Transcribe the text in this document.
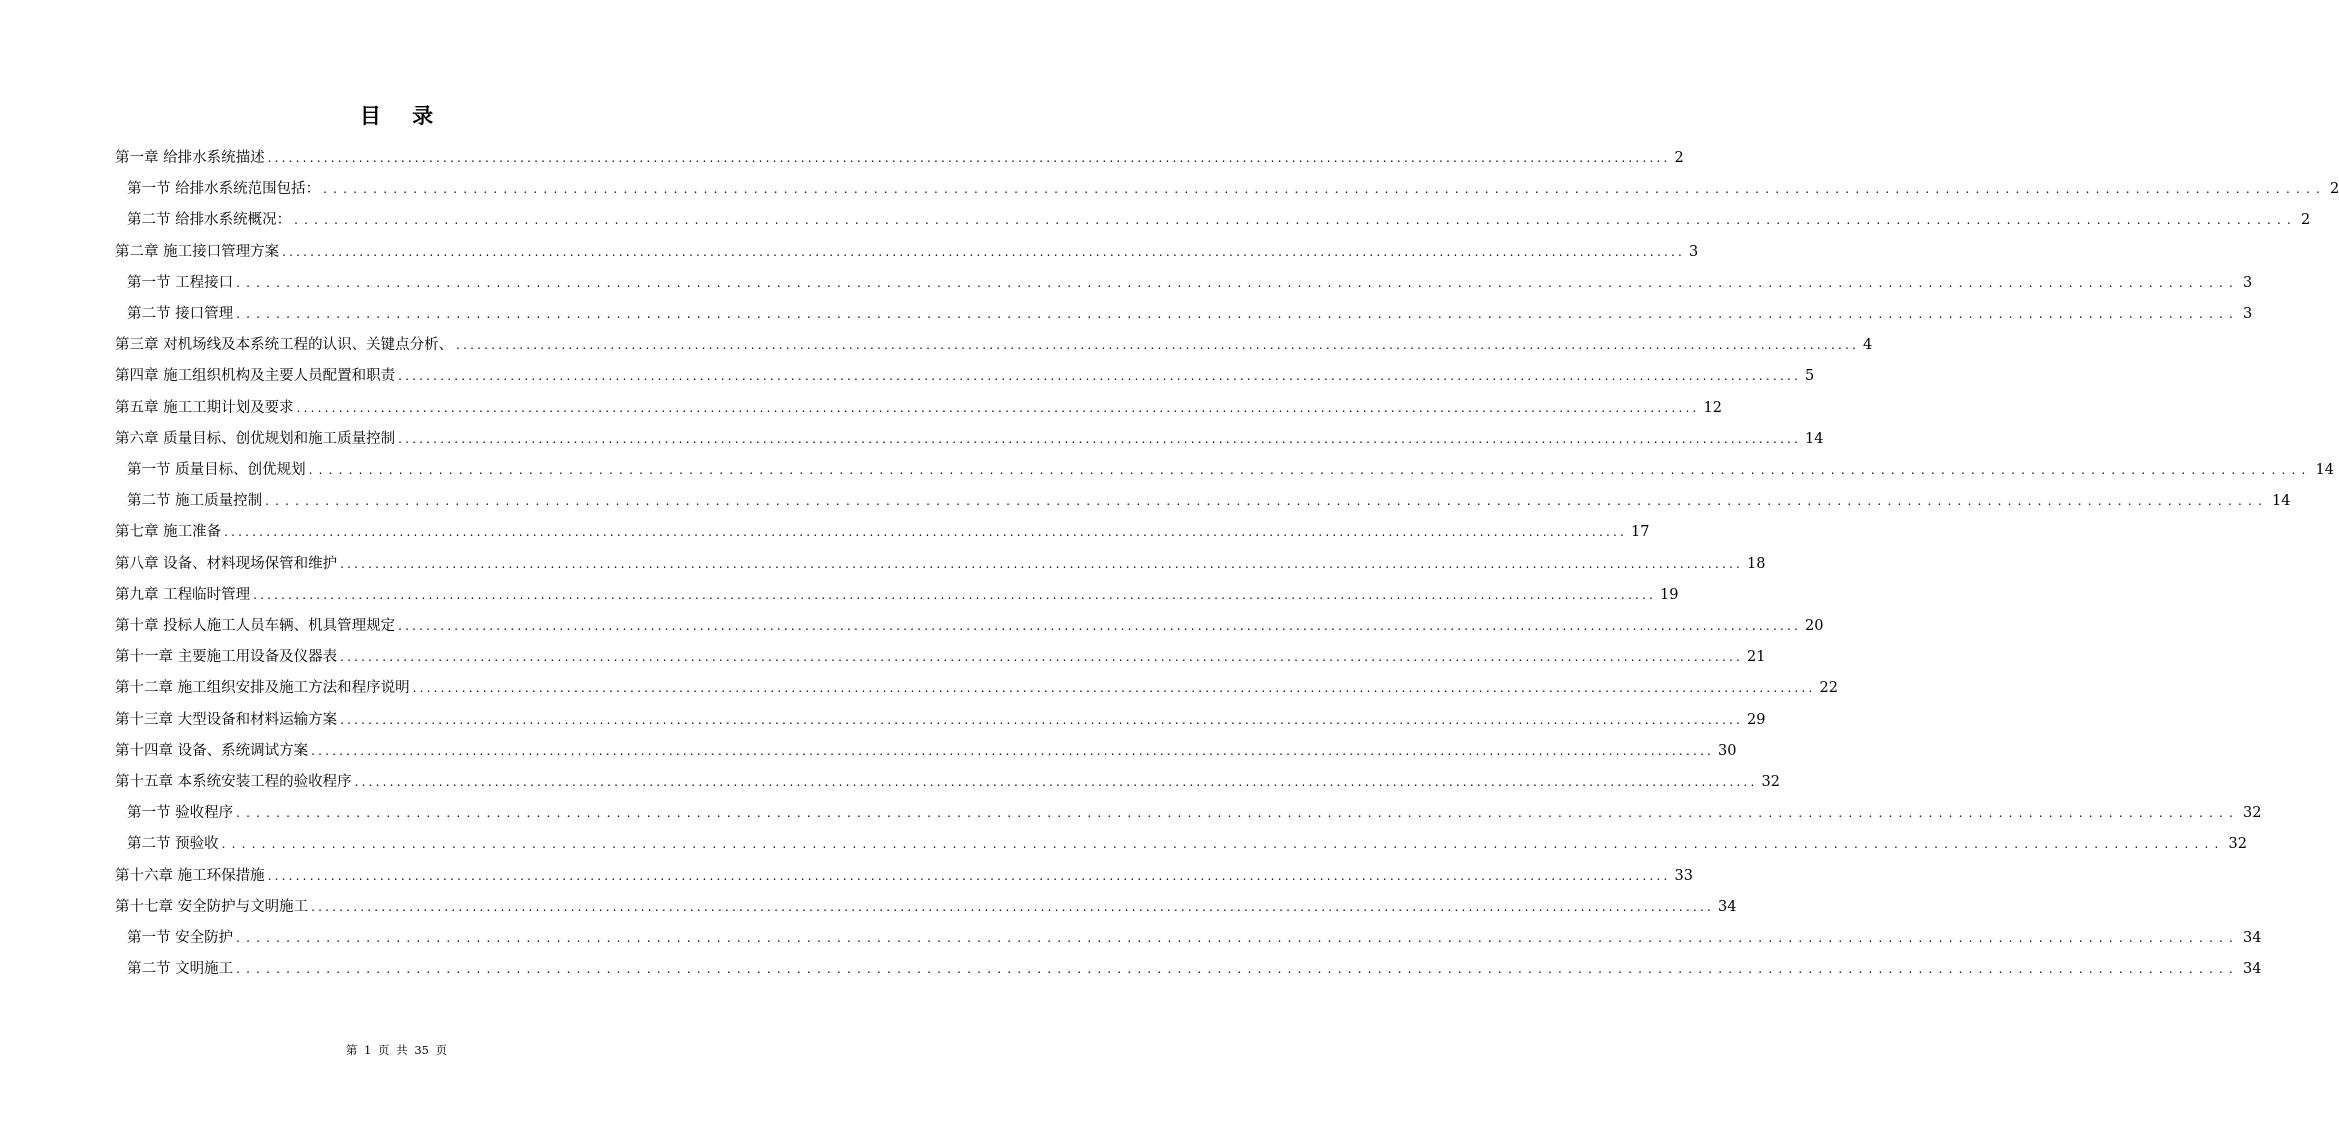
目 录
第一章 给排水系统描述 ........................................................................................................................................................................................................ 2
第一节 给排水系统范围包括： ........................................................................................................................................................................................................ 2
第二节 给排水系统概况： ........................................................................................................................................................................................................ 2
第二章 施工接口管理方案 ........................................................................................................................................................................................................ 3
第一节 工程接口 ........................................................................................................................................................................................................ 3
第二节 接口管理 ........................................................................................................................................................................................................ 3
第三章 对机场线及本系统工程的认识、关键点分析、 ........................................................................................................................................................................................................ 4
第四章 施工组织机构及主要人员配置和职责 ........................................................................................................................................................................................................ 5
第五章 施工工期计划及要求 ........................................................................................................................................................................................................ 12
第六章 质量目标、创优规划和施工质量控制 ........................................................................................................................................................................................................ 14
第一节 质量目标、创优规划 ........................................................................................................................................................................................................ 14
第二节 施工质量控制 ........................................................................................................................................................................................................ 14
第七章 施工准备 ........................................................................................................................................................................................................ 17
第八章 设备、材料现场保管和维护 ........................................................................................................................................................................................................ 18
第九章 工程临时管理 ........................................................................................................................................................................................................ 19
第十章 投标人施工人员车辆、机具管理规定 ........................................................................................................................................................................................................ 20
第十一章 主要施工用设备及仪器表 ........................................................................................................................................................................................................ 21
第十二章 施工组织安排及施工方法和程序说明 ........................................................................................................................................................................................................ 22
第十三章 大型设备和材料运输方案 ........................................................................................................................................................................................................ 29
第十四章 设备、系统调试方案 ........................................................................................................................................................................................................ 30
第十五章 本系统安装工程的验收程序 ........................................................................................................................................................................................................ 32
第一节 验收程序 ........................................................................................................................................................................................................ 32
第二节 预验收 ........................................................................................................................................................................................................ 32
第十六章 施工环保措施 ........................................................................................................................................................................................................ 33
第十七章 安全防护与文明施工 ........................................................................................................................................................................................................ 34
第一节 安全防护 ........................................................................................................................................................................................................ 34
第二节 文明施工 ........................................................................................................................................................................................................ 34
第 1 页 共 35 页
